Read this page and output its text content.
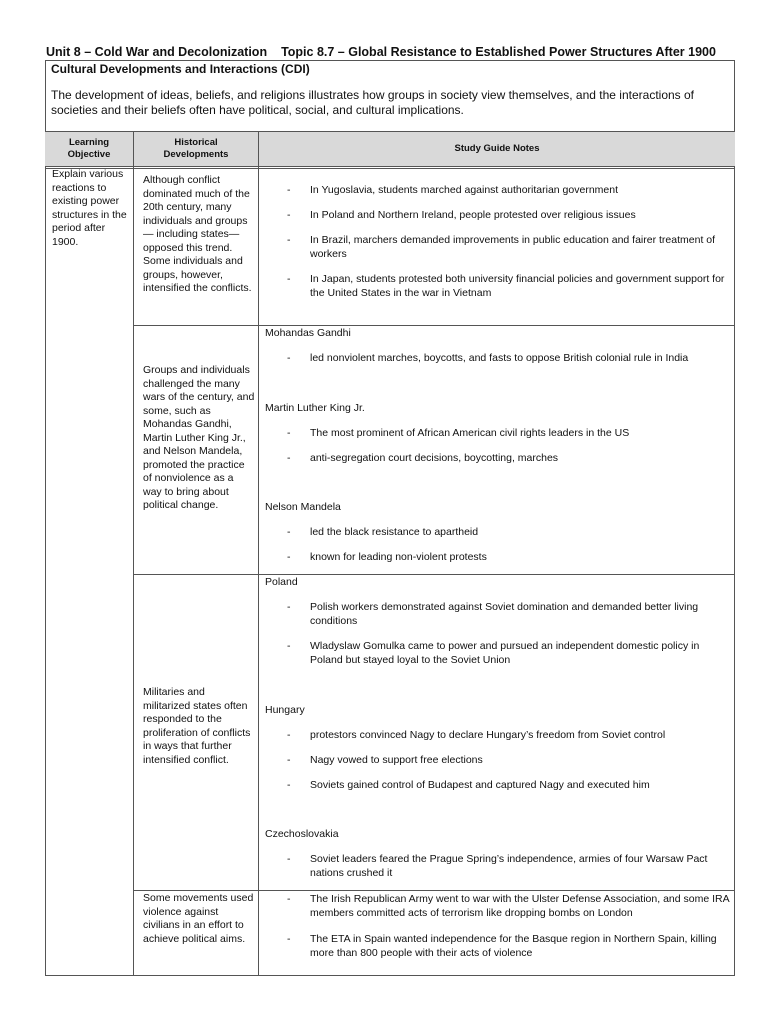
Unit 8 – Cold War and Decolonization Topic 8.7 – Global Resistance to Established Power Structures After 1900
Cultural Developments and Interactions (CDI)
The development of ideas, beliefs, and religions illustrates how groups in society view themselves, and the interactions of societies and their beliefs often have political, social, and cultural implications.
Learning Objective
Historical Developments
Study Guide Notes
Explain various reactions to existing power structures in the period after 1900.
Although conflict dominated much of the 20th century, many individuals and groups— including states—opposed this trend. Some individuals and groups, however, intensified the conflicts.
Groups and individuals challenged the many wars of the century, and some, such as Mohandas Gandhi, Martin Luther King Jr., and Nelson Mandela, promoted the practice of nonviolence as a way to bring about political change.
Militaries and militarized states often responded to the proliferation of conflicts in ways that further intensified conflict.
Some movements used violence against civilians in an effort to achieve political aims.
- In Yugoslavia, students marched against authoritarian government
- In Poland and Northern Ireland, people protested over religious issues
- In Brazil, marchers demanded improvements in public education and fairer treatment of workers
- In Japan, students protested both university financial policies and government support for the United States in the war in Vietnam
Mohandas Gandhi
- led nonviolent marches, boycotts, and fasts to oppose British colonial rule in India
Martin Luther King Jr.
- The most prominent of African American civil rights leaders in the US
- anti-segregation court decisions, boycotting, marches
Nelson Mandela
- led the black resistance to apartheid
- known for leading non-violent protests
Poland
- Polish workers demonstrated against Soviet domination and demanded better living conditions
- Wladyslaw Gomulka came to power and pursued an independent domestic policy in Poland but stayed loyal to the Soviet Union
Hungary
- protestors convinced Nagy to declare Hungary’s freedom from Soviet control
- Nagy vowed to support free elections
- Soviets gained control of Budapest and captured Nagy and executed him
Czechoslovakia
- Soviet leaders feared the Prague Spring’s independence, armies of four Warsaw Pact nations crushed it
- The Irish Republican Army went to war with the Ulster Defense Association, and some IRA members committed acts of terrorism like dropping bombs on London
- The ETA in Spain wanted independence for the Basque region in Northern Spain, killing more than 800 people with their acts of violence
